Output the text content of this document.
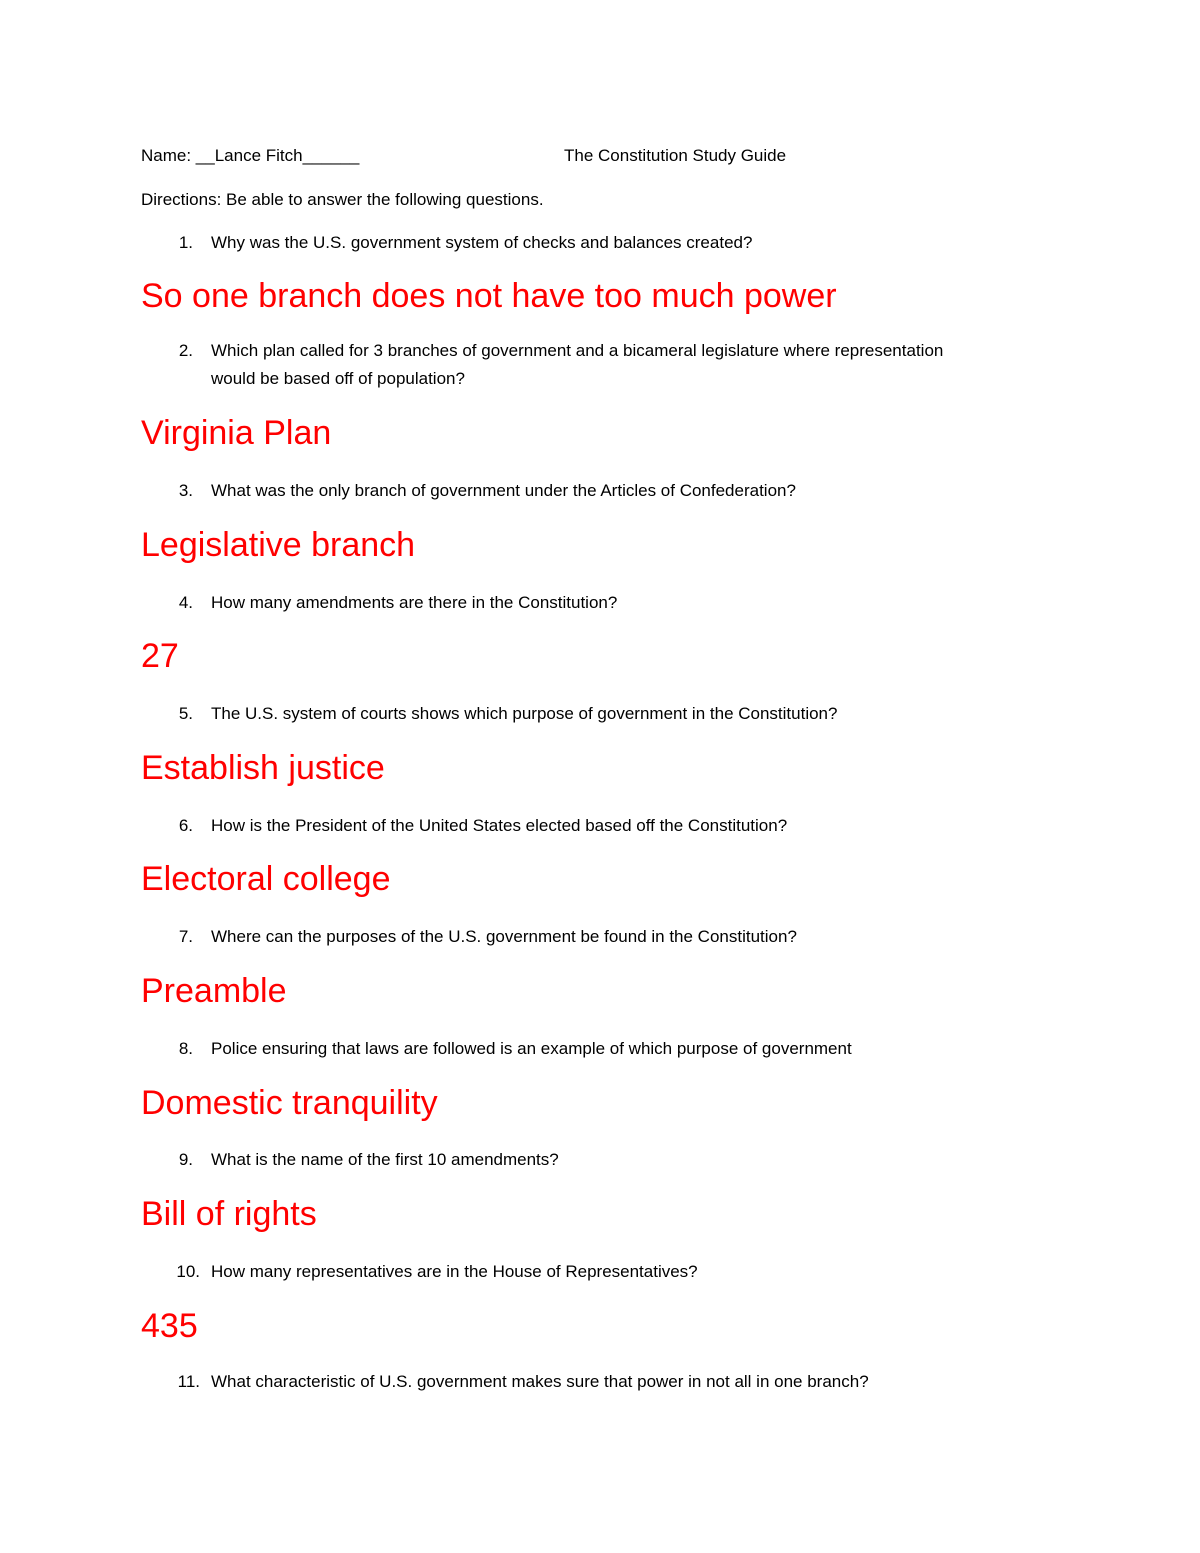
Name: __Lance Fitch______	The Constitution Study Guide
Directions: Be able to answer the following questions.
1. Why was the U.S. government system of checks and balances created?
So one branch does not have too much power
2. Which plan called for 3 branches of government and a bicameral legislature where representation would be based off of population?
Virginia Plan
3. What was the only branch of government under the Articles of Confederation?
Legislative branch
4. How many amendments are there in the Constitution?
27
5. The U.S. system of courts shows which purpose of government in the Constitution?
Establish justice
6. How is the President of the United States elected based off the Constitution?
Electoral college
7. Where can the purposes of the U.S. government be found in the Constitution?
Preamble
8. Police ensuring that laws are followed is an example of which purpose of government
Domestic tranquility
9. What is the name of the first 10 amendments?
Bill of rights
10. How many representatives are in the House of Representatives?
435
11. What characteristic of U.S. government makes sure that power in not all in one branch?
